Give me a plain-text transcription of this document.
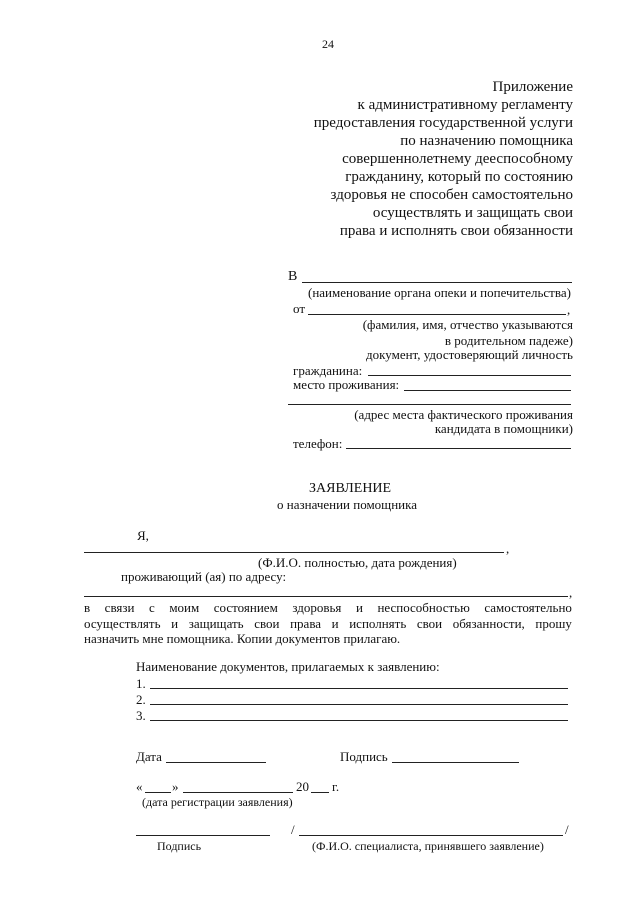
24
Приложение
к административному регламенту
предоставления государственной услуги
по назначению помощника
совершеннолетнему дееспособному
гражданину, который по состоянию
здоровья не способен самостоятельно
осуществлять и защищать свои
права и исполнять свои обязанности
В
(наименование органа опеки и попечительства)
от	,
(фамилия, имя, отчество указываются
в родительном падеже)
документ, удостоверяющий личность
гражданина:
место проживания:
(адрес места фактического проживания
кандидата в помощники)
телефон:
ЗАЯВЛЕНИЕ
о назначении помощника
Я,
,
(Ф.И.О. полностью, дата рождения)
проживающий (ая) по адресу:
,
в связи с моим состоянием здоровья и неспособностью самостоятельно
осуществлять и защищать свои права и исполнять свои обязанности, прошу
назначить мне помощника. Копии документов прилагаю.
Наименование документов, прилагаемых к заявлению:
1.
2.
3.
Дата	Подпись
« »	20 г.
(дата регистрации заявления)
/	/
Подпись	(Ф.И.О. специалиста, принявшего заявление)
